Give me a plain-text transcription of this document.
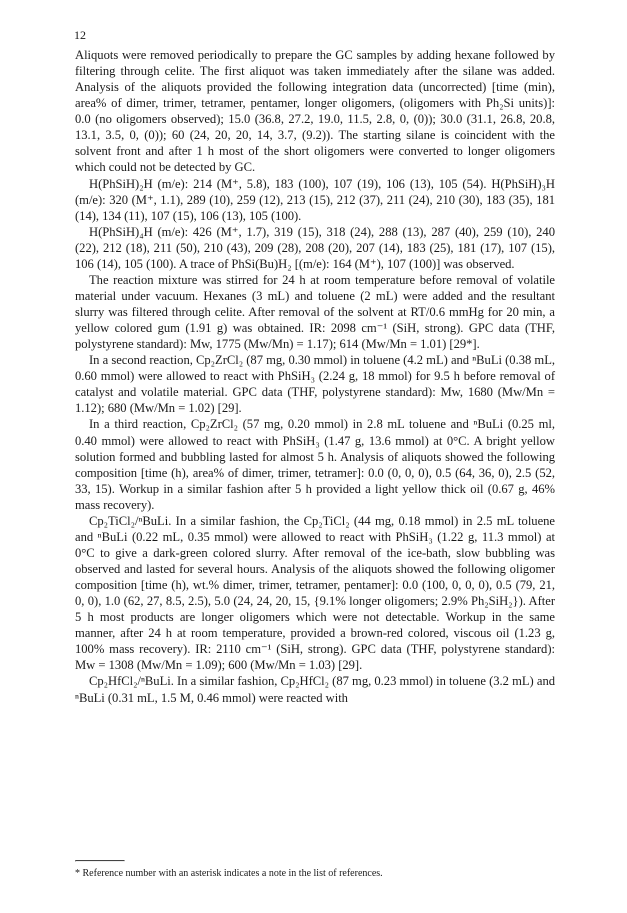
12

Aliquots were removed periodically to prepare the GC samples by adding hexane followed by filtering through celite. The first aliquot was taken immediately after the silane was added. Analysis of the aliquots provided the following integration data (uncorrected) [time (min), area% of dimer, trimer, tetramer, pentamer, longer oligomers, (oligomers with Ph₂Si units)]: 0.0 (no oligomers observed); 15.0 (36.8, 27.2, 19.0, 11.5, 2.8, 0, (0)); 30.0 (31.1, 26.8, 20.8, 13.1, 3.5, 0, (0)); 60 (24, 20, 20, 14, 3.7, (9.2)). The starting silane is coincident with the solvent front and after 1 h most of the short oligomers were converted to longer oligomers which could not be detected by GC.

H(PhSiH)₂H (m/e): 214 (M⁺, 5.8), 183 (100), 107 (19), 106 (13), 105 (54). H(PhSiH)₃H (m/e): 320 (M⁺, 1.1), 289 (10), 259 (12), 213 (15), 212 (37), 211 (24), 210 (30), 183 (35), 181 (14), 134 (11), 107 (15), 106 (13), 105 (100).

H(PhSiH)₄H (m/e): 426 (M⁺, 1.7), 319 (15), 318 (24), 288 (13), 287 (40), 259 (10), 240 (22), 212 (18), 211 (50), 210 (43), 209 (28), 208 (20), 207 (14), 183 (25), 181 (17), 107 (15), 106 (14), 105 (100). A trace of PhSi(Bu)H₂ [(m/e): 164 (M⁺), 107 (100)] was observed.

The reaction mixture was stirred for 24 h at room temperature before removal of volatile material under vacuum. Hexanes (3 mL) and toluene (2 mL) were added and the resultant slurry was filtered through celite. After removal of the solvent at RT/0.6 mmHg for 20 min, a yellow colored gum (1.91 g) was obtained. IR: 2098 cm⁻¹ (SiH, strong). GPC data (THF, polystyrene standard): Mw, 1775 (Mw/Mn) = 1.17); 614 (Mw/Mn = 1.01) [29*].

In a second reaction, Cp₂ZrCl₂ (87 mg, 0.30 mmol) in toluene (4.2 mL) and ⁿBuLi (0.38 mL, 0.60 mmol) were allowed to react with PhSiH₃ (2.24 g, 18 mmol) for 9.5 h before removal of catalyst and volatile material. GPC data (THF, polystyrene standard): Mw, 1680 (Mw/Mn = 1.12); 680 (Mw/Mn = 1.02) [29].

In a third reaction, Cp₂ZrCl₂ (57 mg, 0.20 mmol) in 2.8 mL toluene and ⁿBuLi (0.25 ml, 0.40 mmol) were allowed to react with PhSiH₃ (1.47 g, 13.6 mmol) at 0°C. A bright yellow solution formed and bubbling lasted for almost 5 h. Analysis of aliquots showed the following composition [time (h), area% of dimer, trimer, tetramer]: 0.0 (0, 0, 0), 0.5 (64, 36, 0), 2.5 (52, 33, 15). Workup in a similar fashion after 5 h provided a light yellow thick oil (0.67 g, 46% mass recovery).

Cp₂TiCl₂/ⁿBuLi. In a similar fashion, the Cp₂TiCl₂ (44 mg, 0.18 mmol) in 2.5 mL toluene and ⁿBuLi (0.22 mL, 0.35 mmol) were allowed to react with PhSiH₃ (1.22 g, 11.3 mmol) at 0°C to give a dark-green colored slurry. After removal of the ice-bath, slow bubbling was observed and lasted for several hours. Analysis of the aliquots showed the following oligomer composition [time (h), wt.% dimer, trimer, tetramer, pentamer]: 0.0 (100, 0, 0, 0), 0.5 (79, 21, 0, 0), 1.0 (62, 27, 8.5, 2.5), 5.0 (24, 24, 20, 15, {9.1% longer oligomers; 2.9% Ph₂SiH₂}). After 5 h most products are longer oligomers which were not detectable. Workup in the same manner, after 24 h at room temperature, provided a brown-red colored, viscous oil (1.23 g, 100% mass recovery). IR: 2110 cm⁻¹ (SiH, strong). GPC data (THF, polystyrene standard): Mw = 1308 (Mw/Mn = 1.09); 600 (Mw/Mn = 1.03) [29].

Cp₂HfCl₂/ⁿBuLi. In a similar fashion, Cp₂HfCl₂ (87 mg, 0.23 mmol) in toluene (3.2 mL) and ⁿBuLi (0.31 mL, 1.5 M, 0.46 mmol) were reacted with

* Reference number with an asterisk indicates a note in the list of references.
